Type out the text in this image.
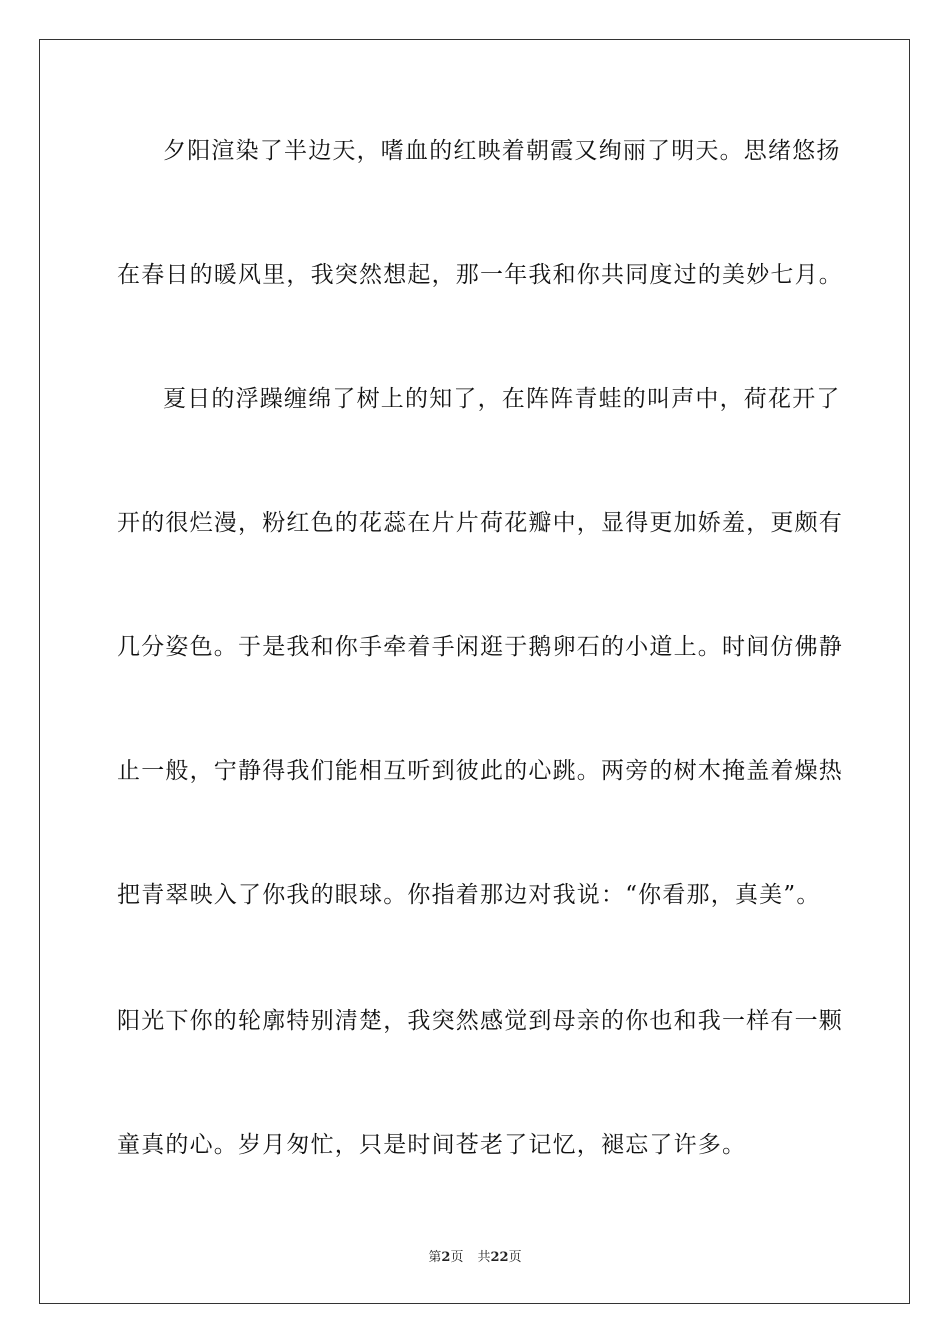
夕阳渲染了半边天，嗜血的红映着朝霞又绚丽了明天。思绪悠扬
在春日的暖风里，我突然想起，那一年我和你共同度过的美妙七月。
夏日的浮躁缠绵了树上的知了，在阵阵青蛙的叫声中，荷花开了
开的很烂漫，粉红色的花蕊在片片荷花瓣中，显得更加娇羞，更颇有
几分姿色。于是我和你手牵着手闲逛于鹅卵石的小道上。时间仿佛静
止一般，宁静得我们能相互听到彼此的心跳。两旁的树木掩盖着燥热
把青翠映入了你我的眼球。你指着那边对我说：“你看那，真美”。
阳光下你的轮廓特别清楚，我突然感觉到母亲的你也和我一样有一颗
童真的心。岁月匆忙，只是时间苍老了记忆，褪忘了许多。
第2页 共22页
